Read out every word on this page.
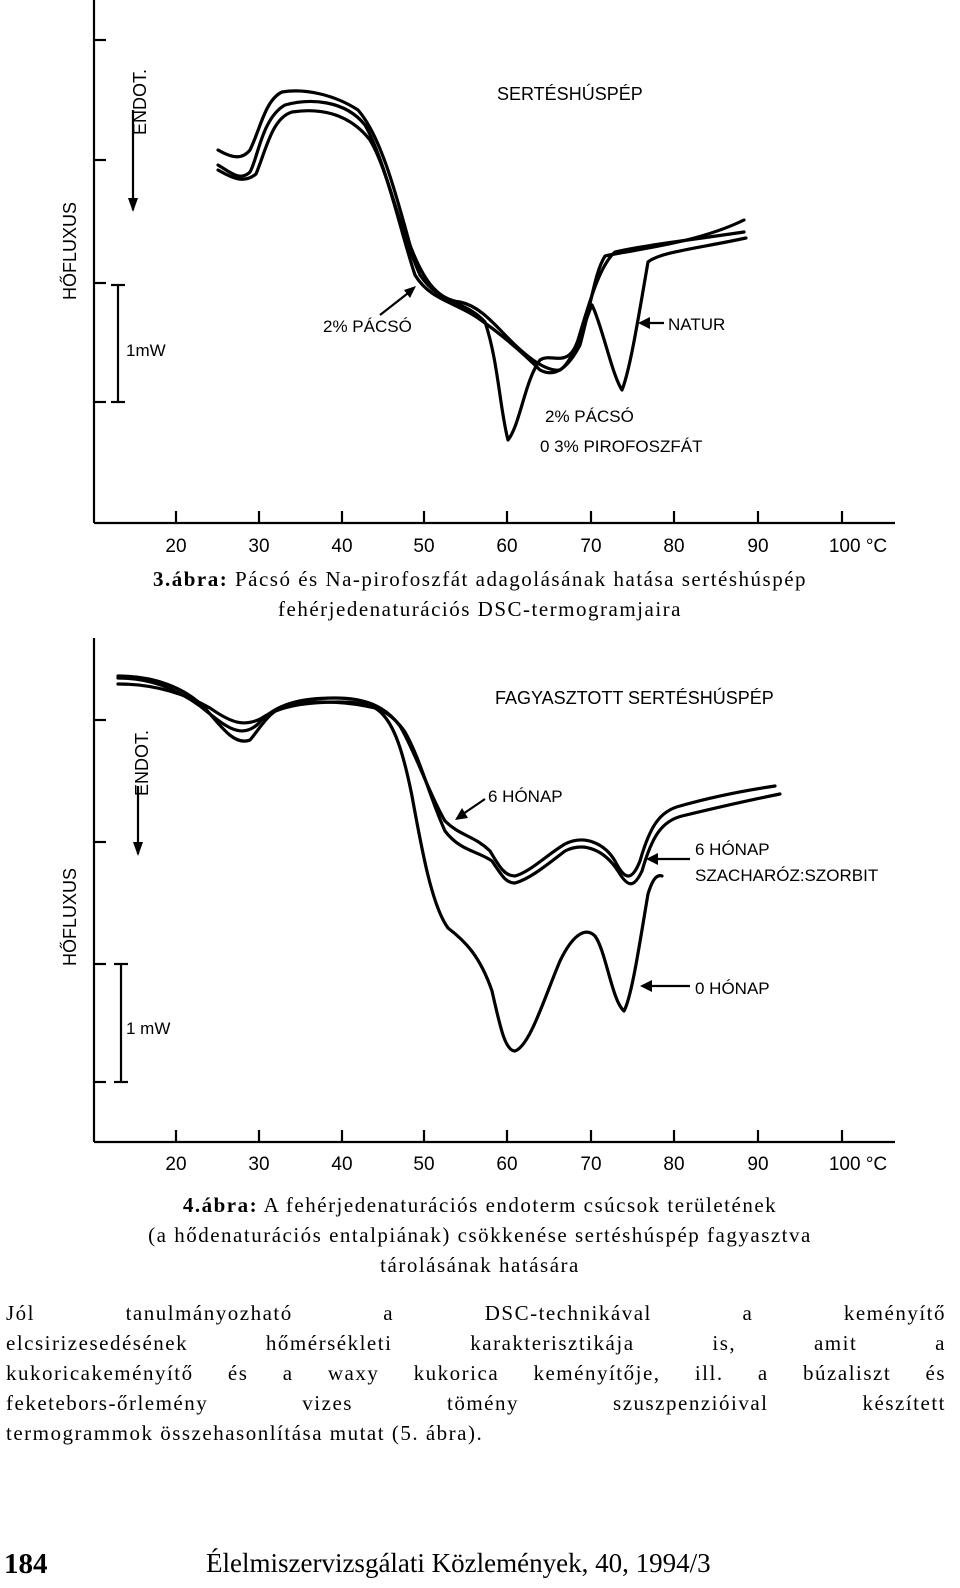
20	30	40	50	60	70	80	90	100 °C
HŐFLUXUS
ENDOT.
1mW
SERTÉSHÚSPÉP
2% PÁCSÓ	NATUR
2% PÁCSÓ
0 3% PIROFOSZFÁT
3.ábra: Pácsó és Na-pirofoszfát adagolásának hatása sertéshúspép
fehérjedenaturációs DSC-termogramjaira
20	30	40	50	60	70	80	90	100 °C
HŐFLUXUS
ENDOT.
1 mW
FAGYASZTOTT SERTÉSHÚSPÉP
6 HÓNAP
6 HÓNAP
SZACHARÓZ:SZORBIT
0 HÓNAP
4.ábra: A fehérjedenaturációs endoterm csúcsok területének
(a hődenaturációs entalpiának) csökkenése sertéshúspép fagyasztva
tárolásának hatására
Jól tanulmányozható a DSC-technikával a keményítő
elcsirizesedésének hőmérsékleti karakterisztikája is, amit a
kukoricakeményítő és a waxy kukorica keményítője, ill. a búzaliszt és
feketebors-őrlemény vizes tömény szuszpenzióival készített
termogrammok összehasonlítása mutat (5. ábra).
184	Élelmiszervizsgálati Közlemények, 40, 1994/3
